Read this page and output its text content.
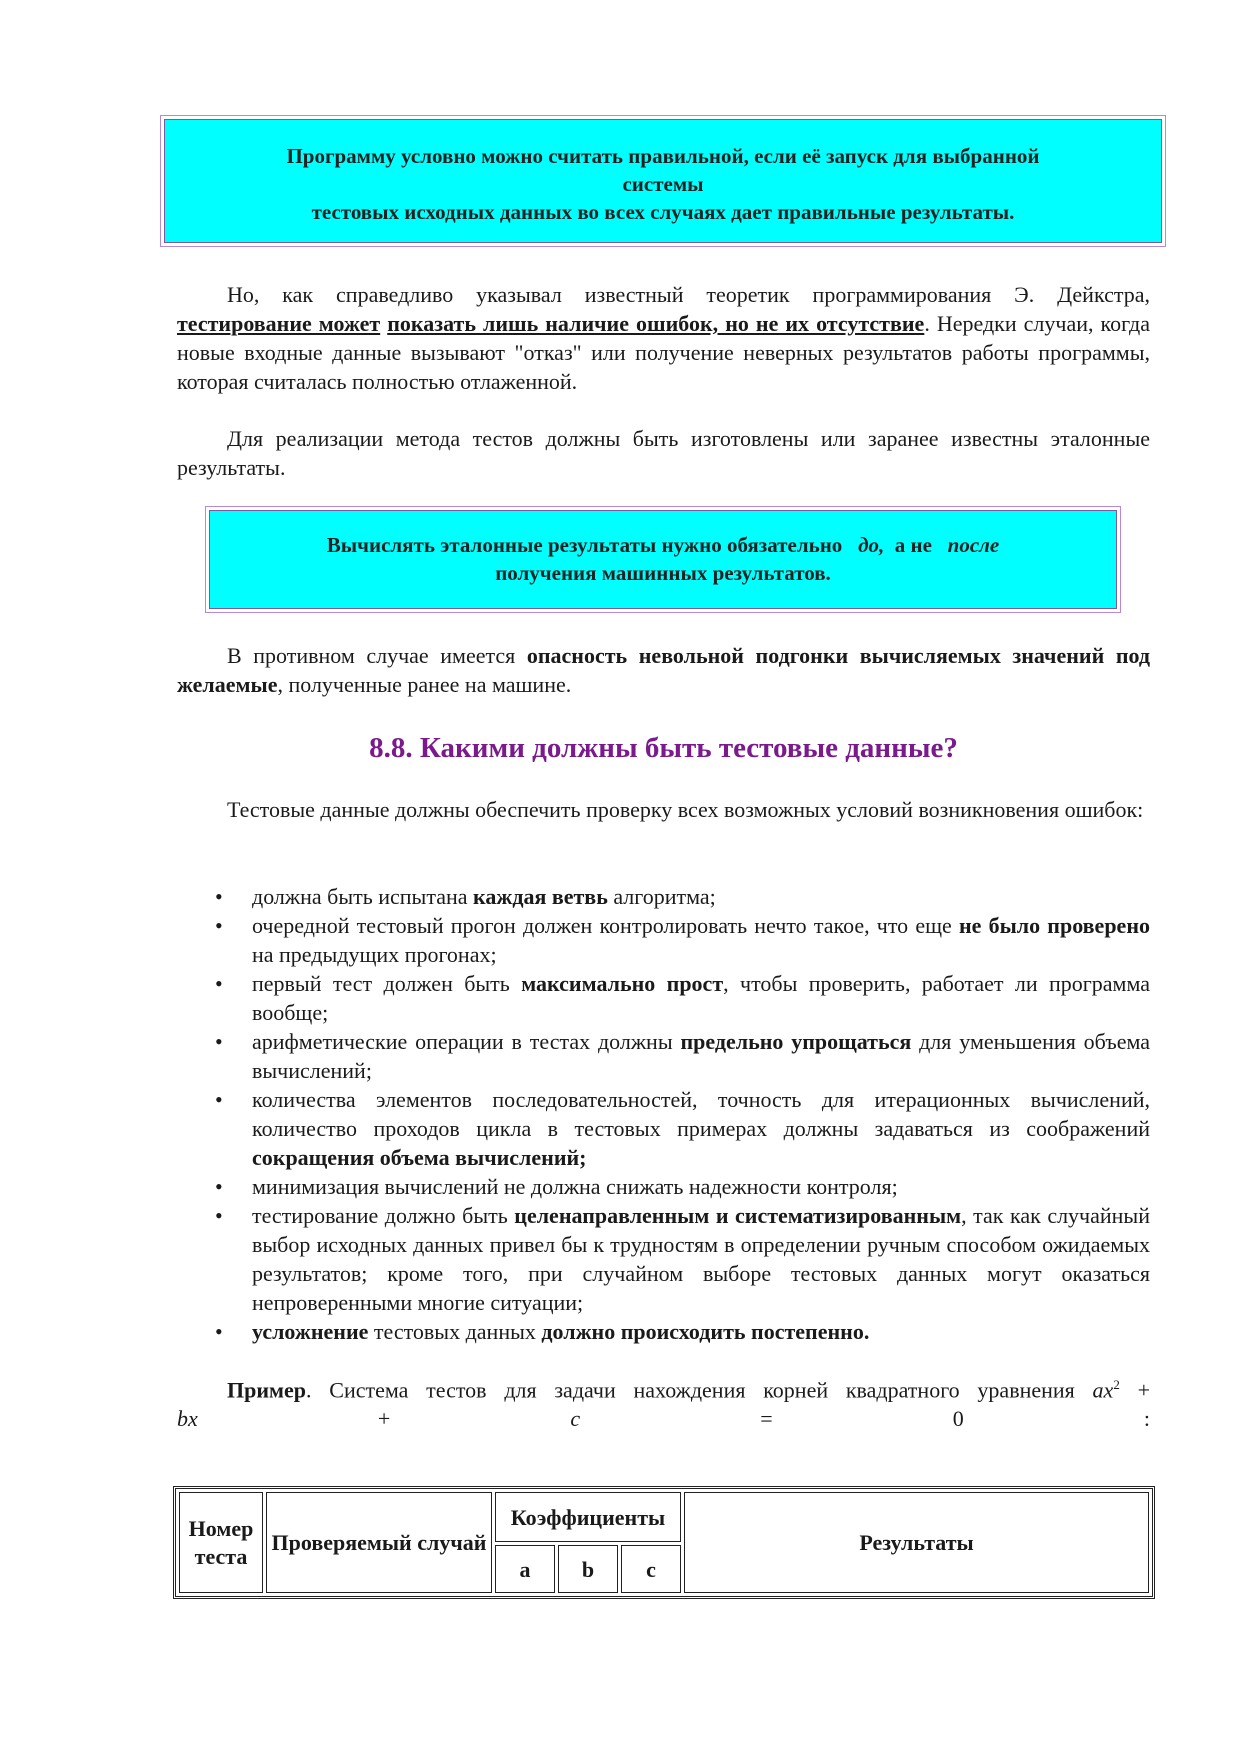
Программу условно можно считать правильной, если её запуск для выбранной
системы
тестовых исходных данных во всех случаях дает правильные результаты.

Но, как справедливо указывал известный теоретик программирования Э. Дейкстра, тестирование может показать лишь наличие ошибок, но не их отсутствие. Нередки случаи, когда новые входные данные вызывают "отказ" или получение неверных результатов работы программы, которая считалась полностью отлаженной.

Для реализации метода тестов должны быть изготовлены или заранее известны эталонные результаты.

Вычислять эталонные результаты нужно обязательно до, а не после
получения машинных результатов.

В противном случае имеется опасность невольной подгонки вычисляемых значений под желаемые, полученные ранее на машине.

8.8. Какими должны быть тестовые данные?

Тестовые данные должны обеспечить проверку всех возможных условий возникновения ошибок:

• должна быть испытана каждая ветвь алгоритма;
• очередной тестовый прогон должен контролировать нечто такое, что еще не было проверено на предыдущих прогонах;
• первый тест должен быть максимально прост, чтобы проверить, работает ли программа вообще;
• арифметические операции в тестах должны предельно упрощаться для уменьшения объема вычислений;
• количества элементов последовательностей, точность для итерационных вычислений, количество проходов цикла в тестовых примерах должны задаваться из соображений сокращения объема вычислений;
• минимизация вычислений не должна снижать надежности контроля;
• тестирование должно быть целенаправленным и систематизированным, так как случайный выбор исходных данных привел бы к трудностям в определении ручным способом ожидаемых результатов; кроме того, при случайном выборе тестовых данных могут оказаться непроверенными многие ситуации;
• усложнение тестовых данных должно происходить постепенно.
Пример. Система тестов для задачи нахождения корней квадратного уравнения $ax^2$ +
bx	+	c	=	0	:
Номер теста	Проверяемый случай	Коэффициенты			Результаты
		a	b	c	
